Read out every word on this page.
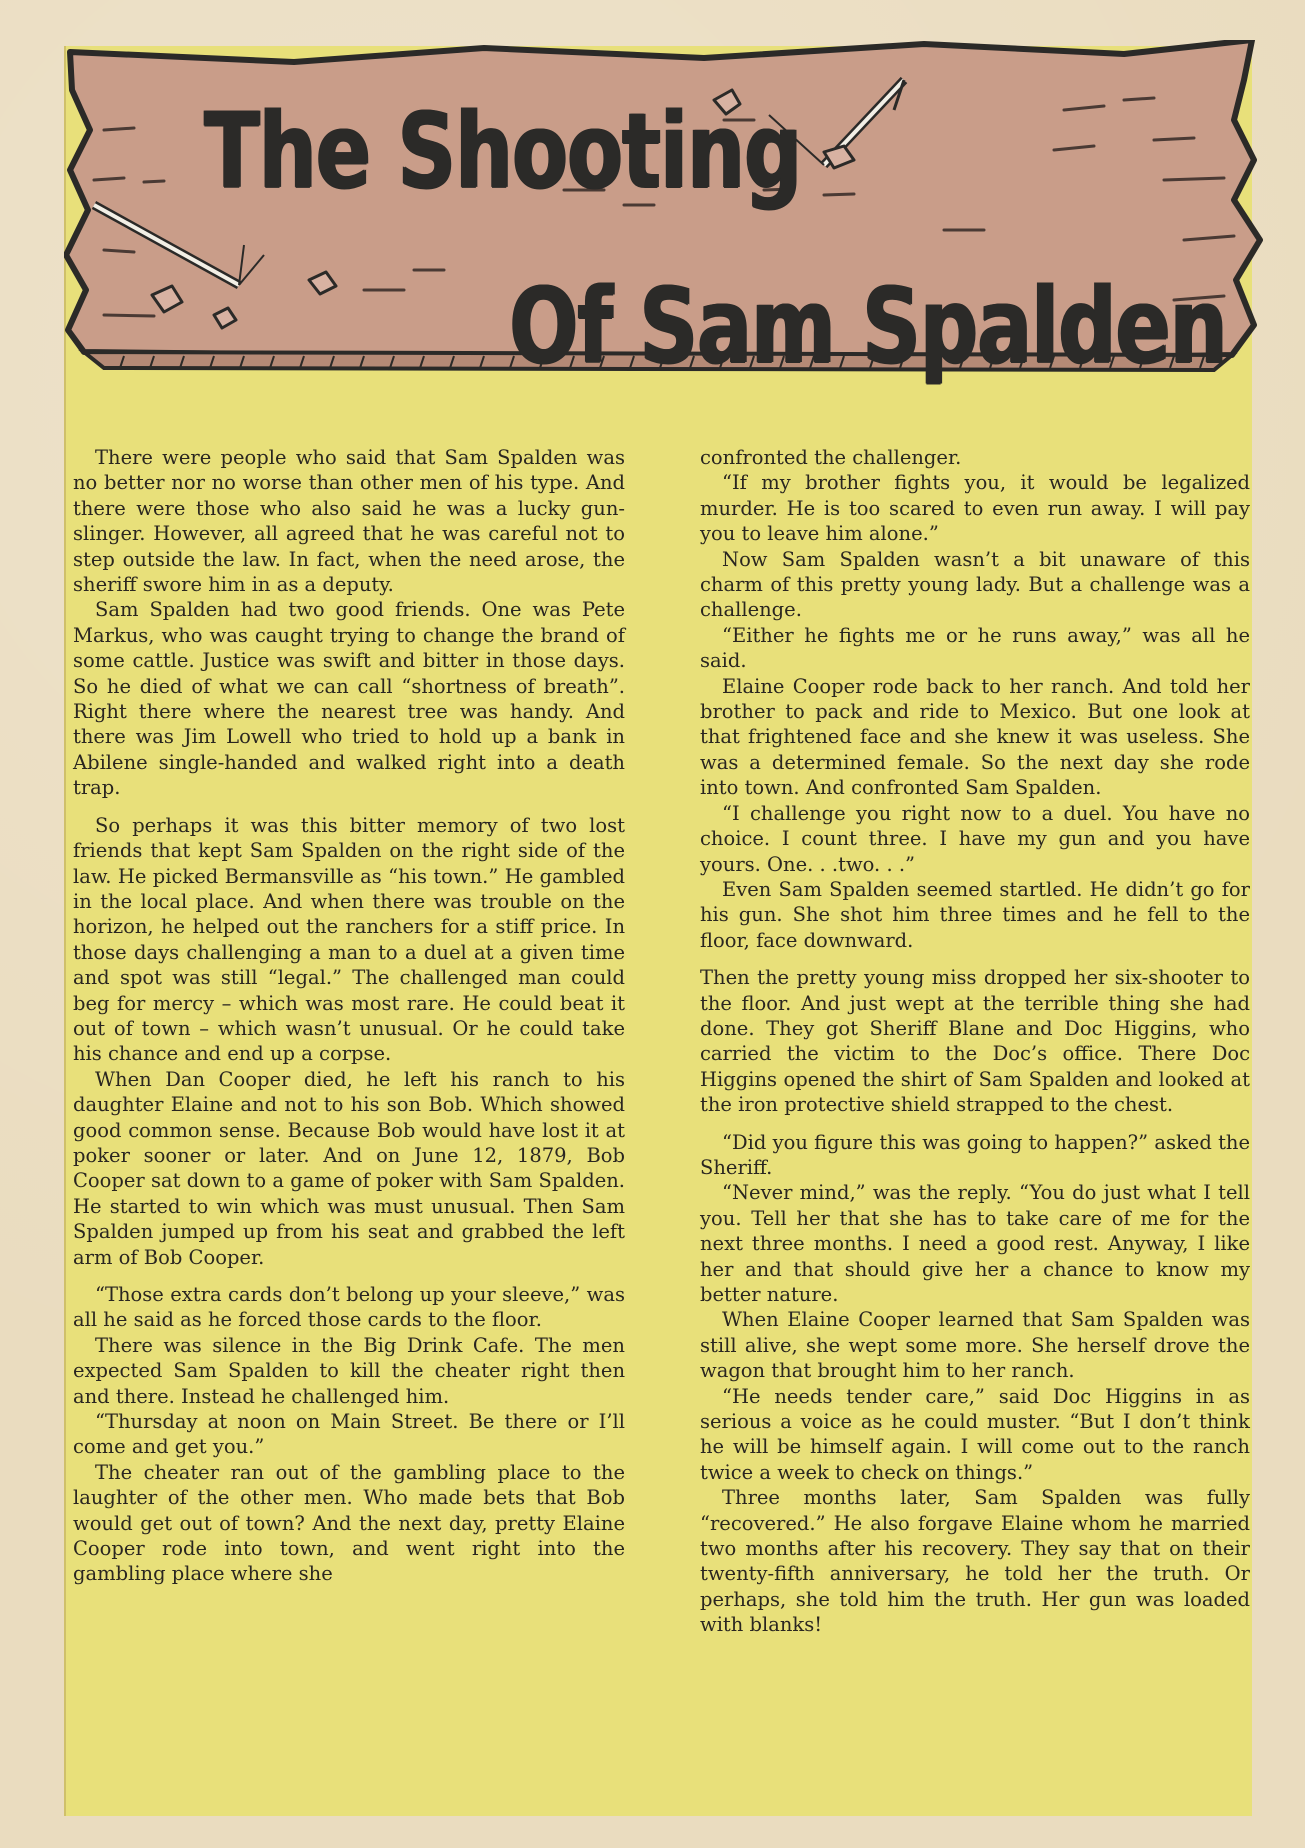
The Shooting
Of Sam Spalden

There were people who said that Sam Spalden was no better nor no worse than other men of his type. And there were those who also said he was a lucky gun-slinger. However, all agreed that he was careful not to step outside the law. In fact, when the need arose, the sheriff swore him in as a deputy.

Sam Spalden had two good friends. One was Pete Markus, who was caught trying to change the brand of some cattle. Justice was swift and bitter in those days. So he died of what we can call “shortness of breath”. Right there where the nearest tree was handy. And there was Jim Lowell who tried to hold up a bank in Abilene single-handed and walked right into a death trap.

So perhaps it was this bitter memory of two lost friends that kept Sam Spalden on the right side of the law. He picked Bermansville as “his town.” He gambled in the local place. And when there was trouble on the horizon, he helped out the ranchers for a stiff price. In those days challenging a man to a duel at a given time and spot was still “legal.” The challenged man could beg for mercy – which was most rare. He could beat it out of town – which wasn’t unusual. Or he could take his chance and end up a corpse.

When Dan Cooper died, he left his ranch to his daughter Elaine and not to his son Bob. Which showed good common sense. Because Bob would have lost it at poker sooner or later. And on June 12, 1879, Bob Cooper sat down to a game of poker with Sam Spalden. He started to win which was must unusual. Then Sam Spalden jumped up from his seat and grabbed the left arm of Bob Cooper.

“Those extra cards don’t belong up your sleeve,” was all he said as he forced those cards to the floor.

There was silence in the Big Drink Cafe. The men expected Sam Spalden to kill the cheater right then and there. Instead he challenged him.

“Thursday at noon on Main Street. Be there or I’ll come and get you.”

The cheater ran out of the gambling place to the laughter of the other men. Who made bets that Bob would get out of town? And the next day, pretty Elaine Cooper rode into town, and went right into the gambling place where she

confronted the challenger.

“If my brother fights you, it would be legalized murder. He is too scared to even run away. I will pay you to leave him alone.”

Now Sam Spalden wasn’t a bit unaware of this charm of this pretty young lady. But a challenge was a challenge.

“Either he fights me or he runs away,” was all he said.

Elaine Cooper rode back to her ranch. And told her brother to pack and ride to Mexico. But one look at that frightened face and she knew it was useless. She was a determined female. So the next day she rode into town. And confronted Sam Spalden.

“I challenge you right now to a duel. You have no choice. I count three. I have my gun and you have yours. One. . .two. . .”

Even Sam Spalden seemed startled. He didn’t go for his gun. She shot him three times and he fell to the floor, face downward.

Then the pretty young miss dropped her six-shooter to the floor. And just wept at the terrible thing she had done. They got Sheriff Blane and Doc Higgins, who carried the victim to the Doc’s office. There Doc Higgins opened the shirt of Sam Spalden and looked at the iron protective shield strapped to the chest.

“Did you figure this was going to happen?” asked the Sheriff.

“Never mind,” was the reply. “You do just what I tell you. Tell her that she has to take care of me for the next three months. I need a good rest. Anyway, I like her and that should give her a chance to know my better nature.

When Elaine Cooper learned that Sam Spalden was still alive, she wept some more. She herself drove the wagon that brought him to her ranch.

“He needs tender care,” said Doc Higgins in as serious a voice as he could muster. “But I don’t think he will be himself again. I will come out to the ranch twice a week to check on things.”

Three months later, Sam Spalden was fully “recovered.” He also forgave Elaine whom he married two months after his recovery. They say that on their twenty-fifth anniversary, he told her the truth. Or perhaps, she told him the truth. Her gun was loaded with blanks!
